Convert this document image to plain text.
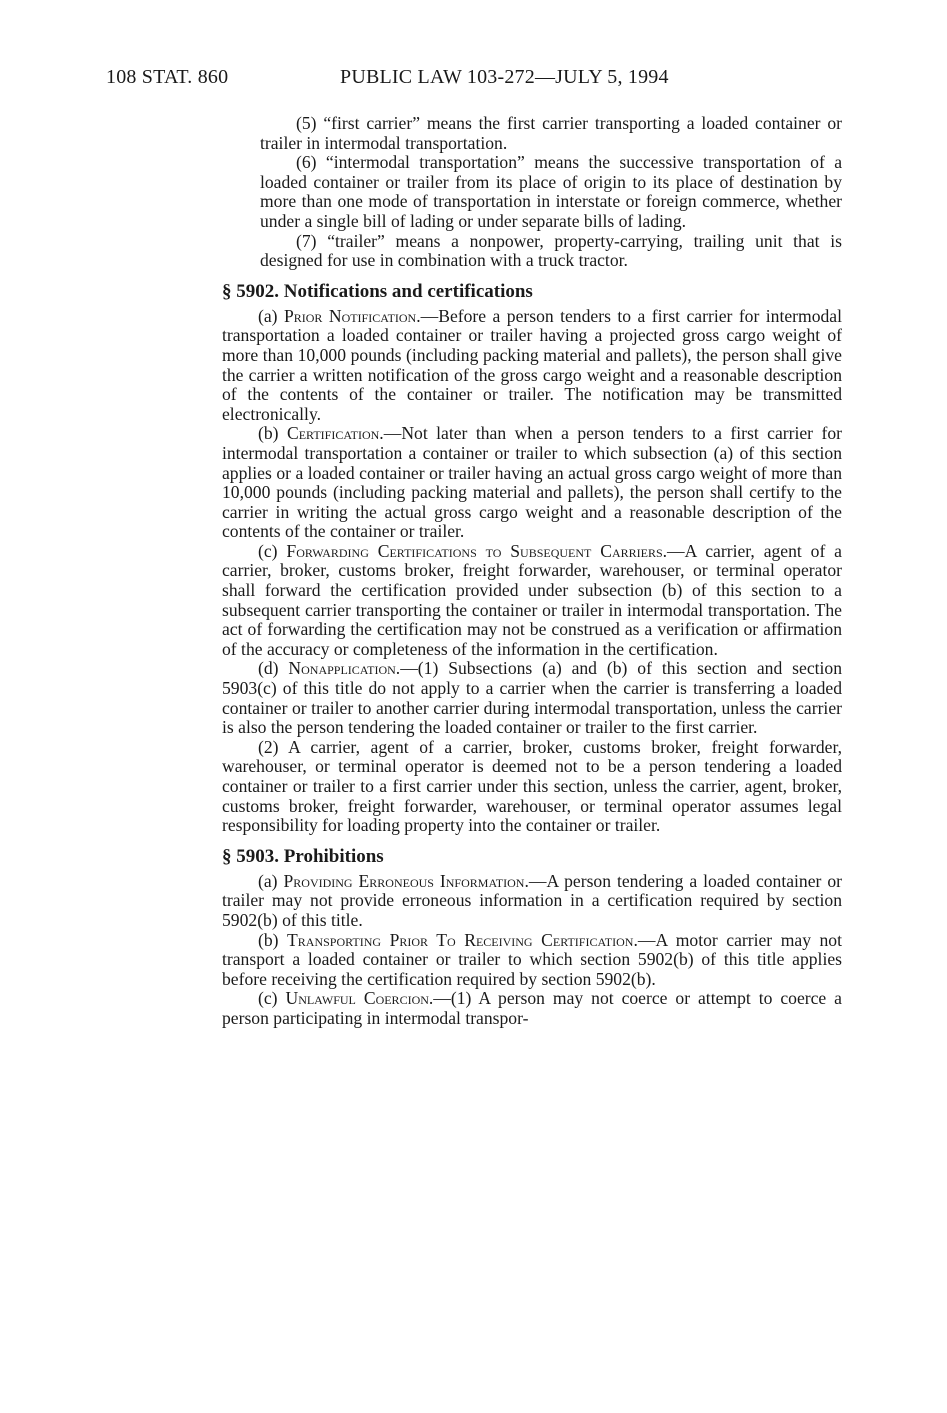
108 STAT. 860	PUBLIC LAW 103-272—JULY 5, 1994

(5) “first carrier” means the first carrier transporting a loaded container or trailer in intermodal transportation.

(6) “intermodal transportation” means the successive transportation of a loaded container or trailer from its place of origin to its place of destination by more than one mode of transportation in interstate or foreign commerce, whether under a single bill of lading or under separate bills of lading.

(7) “trailer” means a nonpower, property-carrying, trailing unit that is designed for use in combination with a truck tractor.

§ 5902. Notifications and certifications

(a) Prior Notification.—Before a person tenders to a first carrier for intermodal transportation a loaded container or trailer having a projected gross cargo weight of more than 10,000 pounds (including packing material and pallets), the person shall give the carrier a written notification of the gross cargo weight and a reasonable description of the contents of the container or trailer. The notification may be transmitted electronically.

(b) Certification.—Not later than when a person tenders to a first carrier for intermodal transportation a container or trailer to which subsection (a) of this section applies or a loaded container or trailer having an actual gross cargo weight of more than 10,000 pounds (including packing material and pallets), the person shall certify to the carrier in writing the actual gross cargo weight and a reasonable description of the contents of the container or trailer.

(c) Forwarding Certifications to Subsequent Carriers.—A carrier, agent of a carrier, broker, customs broker, freight forwarder, warehouser, or terminal operator shall forward the certification provided under subsection (b) of this section to a subsequent carrier transporting the container or trailer in intermodal transportation. The act of forwarding the certification may not be construed as a verification or affirmation of the accuracy or completeness of the information in the certification.

(d) Nonapplication.—(1) Subsections (a) and (b) of this section and section 5903(c) of this title do not apply to a carrier when the carrier is transferring a loaded container or trailer to another carrier during intermodal transportation, unless the carrier is also the person tendering the loaded container or trailer to the first carrier.

(2) A carrier, agent of a carrier, broker, customs broker, freight forwarder, warehouser, or terminal operator is deemed not to be a person tendering a loaded container or trailer to a first carrier under this section, unless the carrier, agent, broker, customs broker, freight forwarder, warehouser, or terminal operator assumes legal responsibility for loading property into the container or trailer.

§ 5903. Prohibitions

(a) Providing Erroneous Information.—A person tendering a loaded container or trailer may not provide erroneous information in a certification required by section 5902(b) of this title.

(b) Transporting Prior To Receiving Certification.—A motor carrier may not transport a loaded container or trailer to which section 5902(b) of this title applies before receiving the certification required by section 5902(b).

(c) Unlawful Coercion.—(1) A person may not coerce or attempt to coerce a person participating in intermodal transpor-
